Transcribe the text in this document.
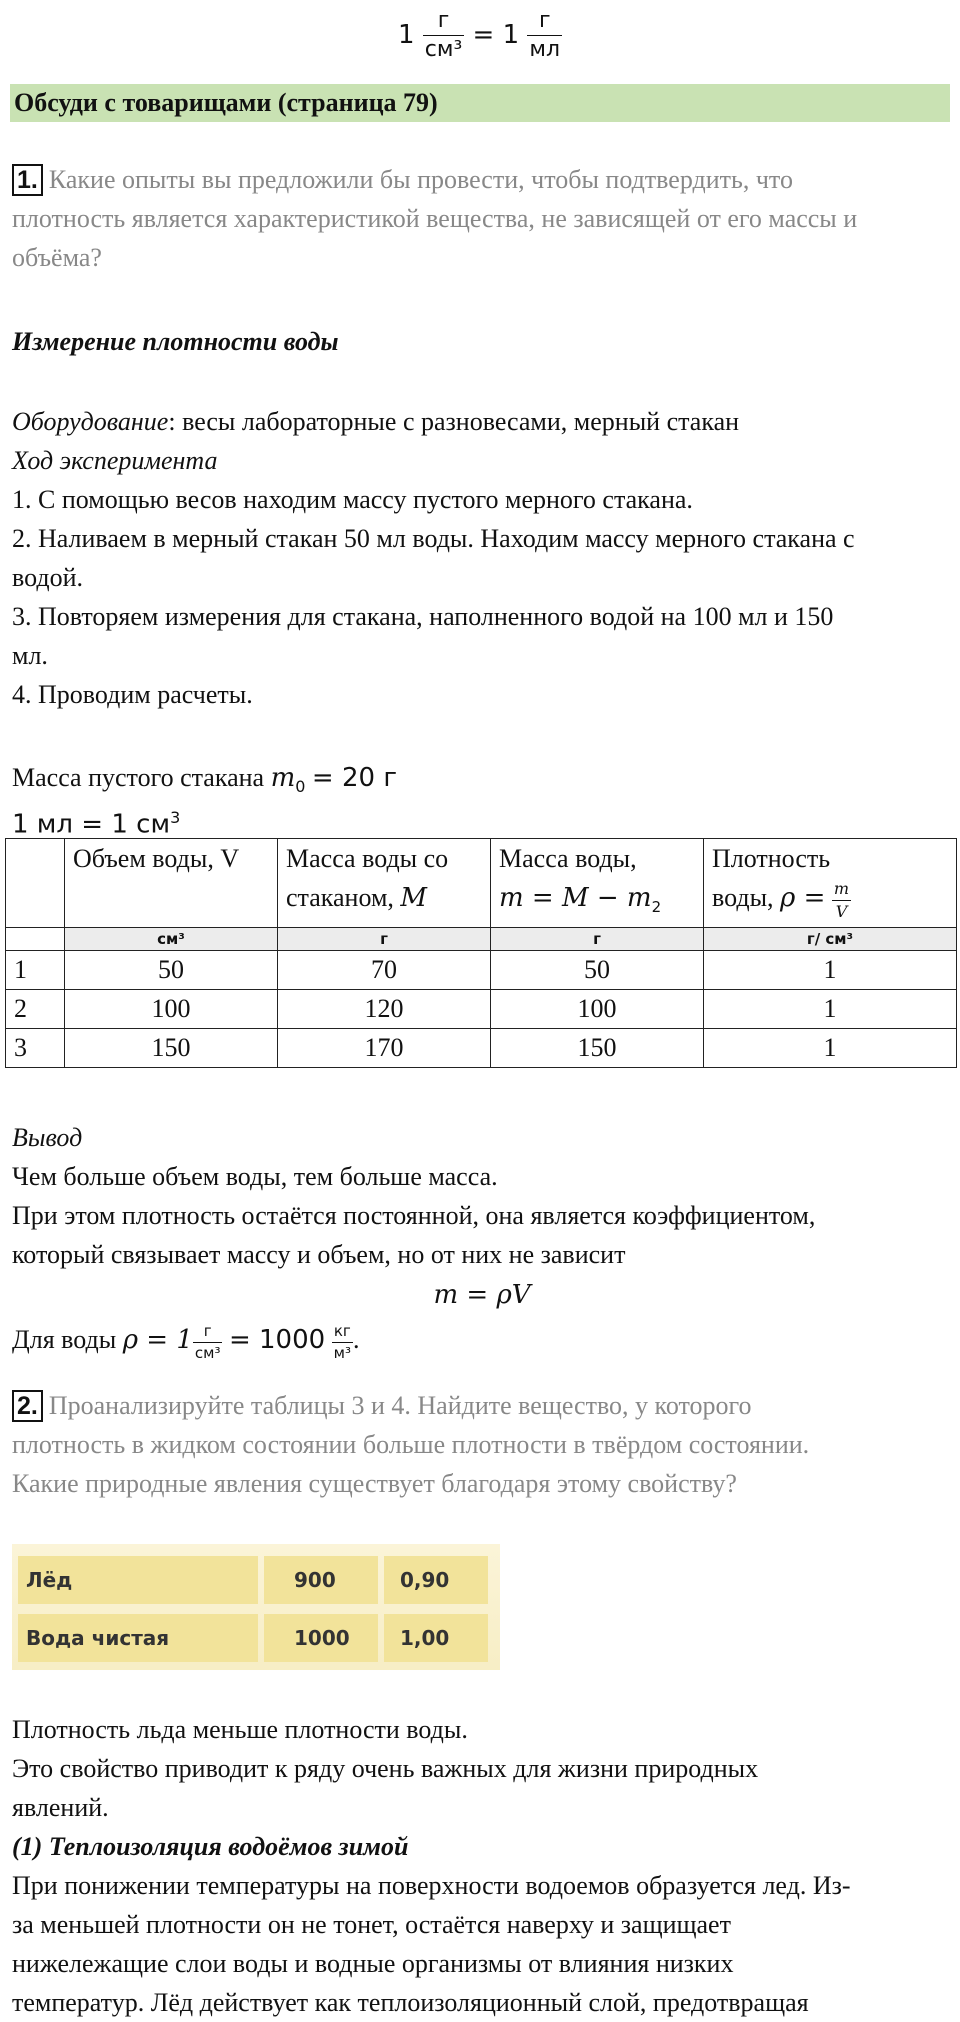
$1 \frac{г}{\text{см³}} = 1 \frac{г}{мл}$
Обсуди с товарищами (страница 79)
1. Какие опыты вы предложили бы провести, чтобы подтвердить, что
плотность является характеристикой вещества, не зависящей от его массы и
объёма?
Измерение плотности воды
Оборудование: весы лабораторные с разновесами, мерный стакан
Ход эксперимента
1. С помощью весов находим массу пустого мерного стакана.
2. Наливаем в мерный стакан 50 мл воды. Находим массу мерного стакана с
водой.
3. Повторяем измерения для стакана, наполненного водой на 100 мл и 150
мл.
4. Проводим расчеты.
Масса пустого стакана $m_0 = 20$ г
1 мл = 1 $см^3$
	Объем воды, V	Масса воды со
стаканом, M	Масса воды,
$m = M - m_2$	Плотность
воды, $\rho = \frac{m}{V}$

	см³	г	г	г/ см³
1	50	70	50	1
2	100	120	100	1
3	150	170	150	1
Вывод
Чем больше объем воды, тем больше масса.
При этом плотность остаётся постоянной, она является коэффициентом,
который связывает массу и объем, но от них не зависит
m = ρV
Для воды $\rho = 1 \frac{г}{\text{см³}} = 1000 \frac{кг}{\text{м³}}$ .
2. Проанализируйте таблицы 3 и 4. Найдите вещество, у которого
плотность в жидком состоянии больше плотности в твёрдом состоянии.
Какие природные явления существует благодаря этому свойству?
Лёд	900	0,90
Вода чистая	1000	1,00
Плотность льда меньше плотности воды.
Это свойство приводит к ряду очень важных для жизни природных
явлений.
(1) Теплоизоляция водоёмов зимой
При понижении температуры на поверхности водоемов образуется лед. Из-
за меньшей плотности он не тонет, остаётся наверху и защищает
нижележащие слои воды и водные организмы от влияния низких
температур. Лёд действует как теплоизоляционный слой, предотвращая
